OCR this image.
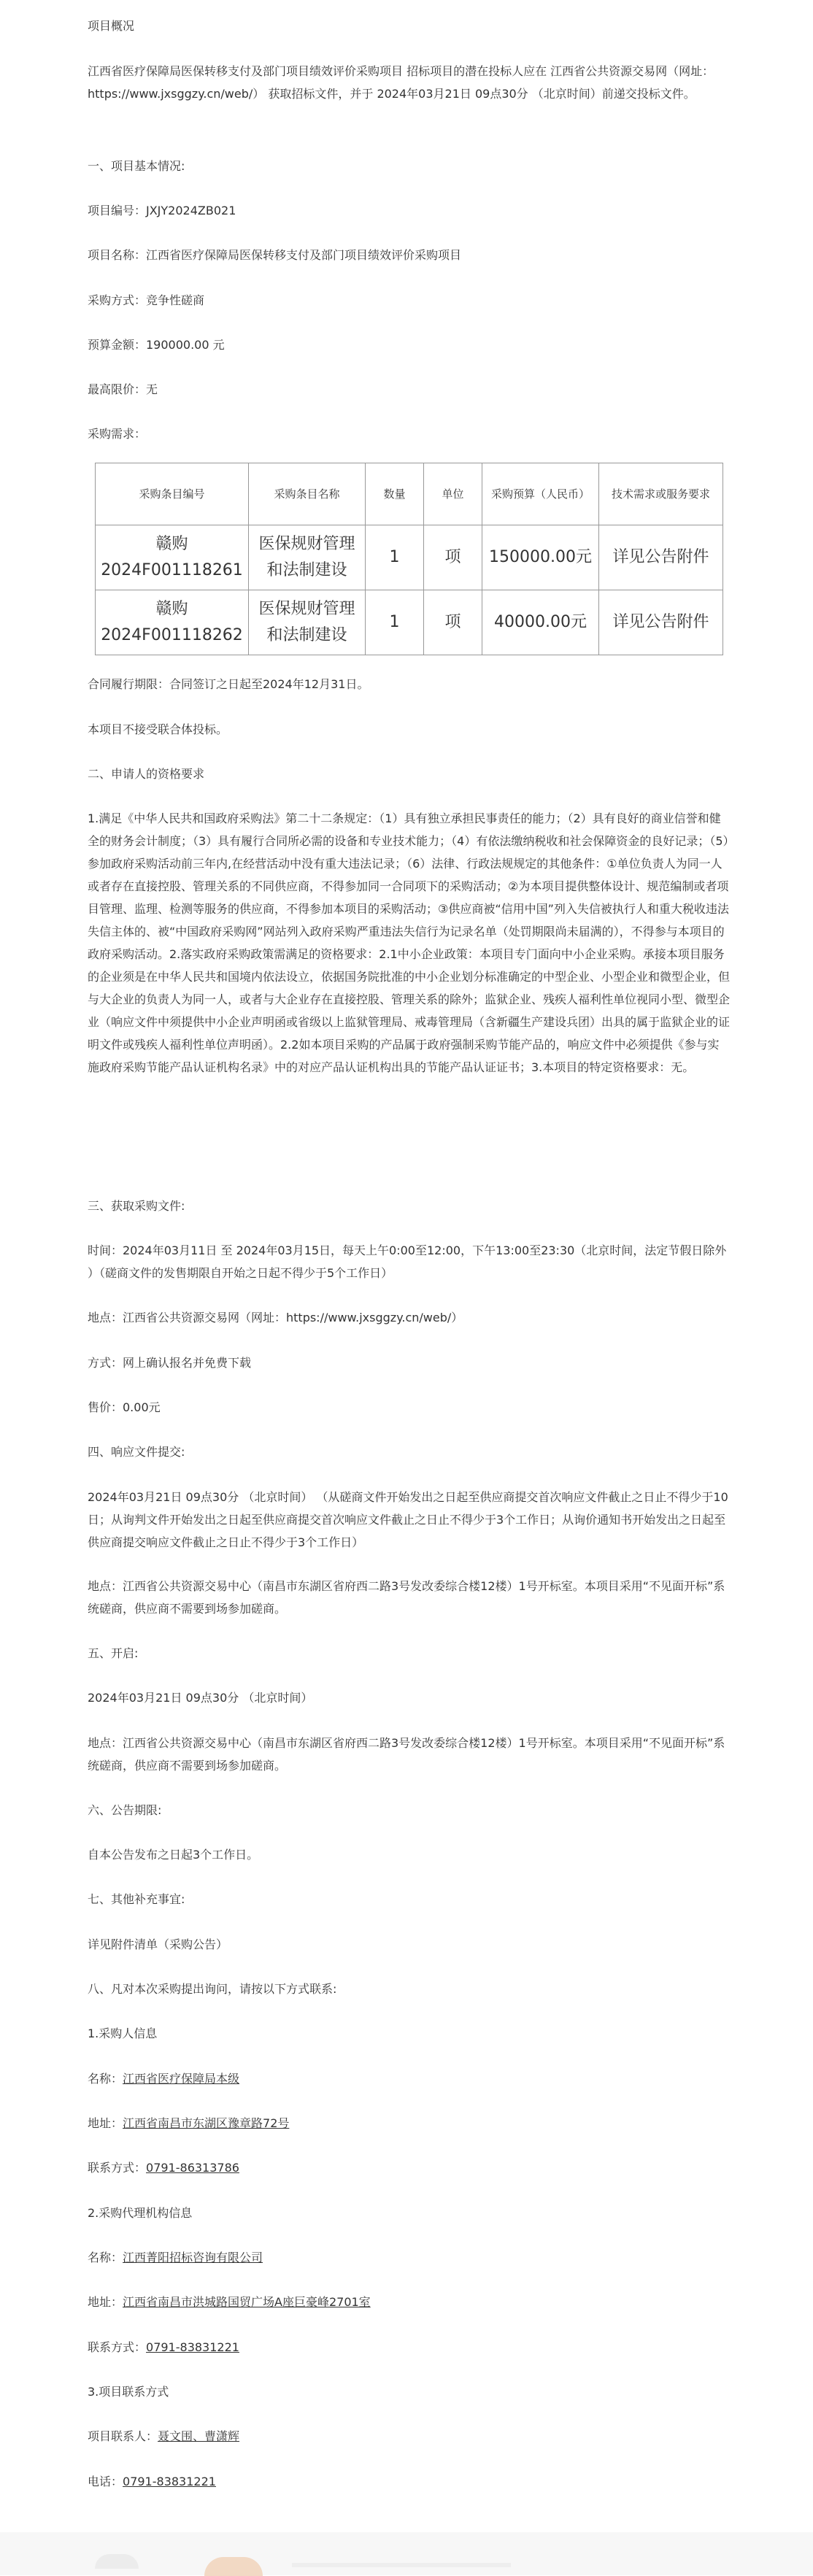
项目概况

江西省医疗保障局医保转移支付及部门项目绩效评价采购项目 招标项目的潜在投标人应在 江西省公共资源交易网（网址：https://www.jxsggzy.cn/web/） 获取招标文件，并于 2024年03月21日 09点30分 （北京时间）前递交投标文件。

一、项目基本情况:

项目编号：JXJY2024ZB021

项目名称：江西省医疗保障局医保转移支付及部门项目绩效评价采购项目

采购方式：竞争性磋商

预算金额：190000.00 元

最高限价：无

采购需求：

采购条目编号	采购条目名称	数量	单位	采购预算（人民币）	技术需求或服务要求
赣购2024F001118261	医保规财管理和法制建设	1	项	150000.00元	详见公告附件
赣购2024F001118262	医保规财管理和法制建设	1	项	40000.00元	详见公告附件

合同履行期限：合同签订之日起至2024年12月31日。

本项目不接受联合体投标。

二、申请人的资格要求

1.满足《中华人民共和国政府采购法》第二十二条规定：（1）具有独立承担民事责任的能力；（2）具有良好的商业信誉和健全的财务会计制度；（3）具有履行合同所必需的设备和专业技术能力；（4）有依法缴纳税收和社会保障资金的良好记录；（5）参加政府采购活动前三年内,在经营活动中没有重大违法记录；（6）法律、行政法规规定的其他条件：①单位负责人为同一人或者存在直接控股、管理关系的不同供应商，不得参加同一合同项下的采购活动；②为本项目提供整体设计、规范编制或者项目管理、监理、检测等服务的供应商，不得参加本项目的采购活动；③供应商被“信用中国”列入失信被执行人和重大税收违法失信主体的、被“中国政府采购网”网站列入政府采购严重违法失信行为记录名单（处罚期限尚未届满的），不得参与本项目的政府采购活动。2.落实政府采购政策需满足的资格要求：2.1中小企业政策：本项目专门面向中小企业采购。承接本项目服务的企业须是在中华人民共和国境内依法设立，依据国务院批准的中小企业划分标准确定的中型企业、小型企业和微型企业，但与大企业的负责人为同一人，或者与大企业存在直接控股、管理关系的除外；监狱企业、残疾人福利性单位视同小型、微型企业（响应文件中须提供中小企业声明函或省级以上监狱管理局、戒毒管理局（含新疆生产建设兵团）出具的属于监狱企业的证明文件或残疾人福利性单位声明函）。2.2如本项目采购的产品属于政府强制采购节能产品的，响应文件中必须提供《参与实施政府采购节能产品认证机构名录》中的对应产品认证机构出具的节能产品认证证书；3.本项目的特定资格要求：无。

三、获取采购文件:

时间：2024年03月11日 至 2024年03月15日，每天上午0:00至12:00，下午13:00至23:30（北京时间，法定节假日除外 ）（磋商文件的发售期限自开始之日起不得少于5个工作日）

地点：江西省公共资源交易网（网址：https://www.jxsggzy.cn/web/）

方式：网上确认报名并免费下载

售价：0.00元

四、响应文件提交:

2024年03月21日 09点30分 （北京时间） （从磋商文件开始发出之日起至供应商提交首次响应文件截止之日止不得少于10日；从询判文件开始发出之日起至供应商提交首次响应文件截止之日止不得少于3个工作日；从询价通知书开始发出之日起至供应商提交响应文件截止之日止不得少于3个工作日）

地点：江西省公共资源交易中心（南昌市东湖区省府西二路3号发改委综合楼12楼）1号开标室。本项目采用“不见面开标”系统磋商，供应商不需要到场参加磋商。

五、开启:

2024年03月21日 09点30分 （北京时间）

地点：江西省公共资源交易中心（南昌市东湖区省府西二路3号发改委综合楼12楼）1号开标室。本项目采用“不见面开标”系统磋商，供应商不需要到场参加磋商。

六、公告期限:

自本公告发布之日起3个工作日。

七、其他补充事宜:

详见附件清单（采购公告）

八、凡对本次采购提出询问，请按以下方式联系:

1.采购人信息

名称：江西省医疗保障局本级

地址：江西省南昌市东湖区豫章路72号

联系方式：0791-86313786

2.采购代理机构信息

名称：江西菁阳招标咨询有限公司

地址：江西省南昌市洪城路国贸广场A座巨豪峰2701室

联系方式：0791-83831221

3.项目联系方式

项目联系人：聂文围、曹潇辉

电话：0791-83831221
